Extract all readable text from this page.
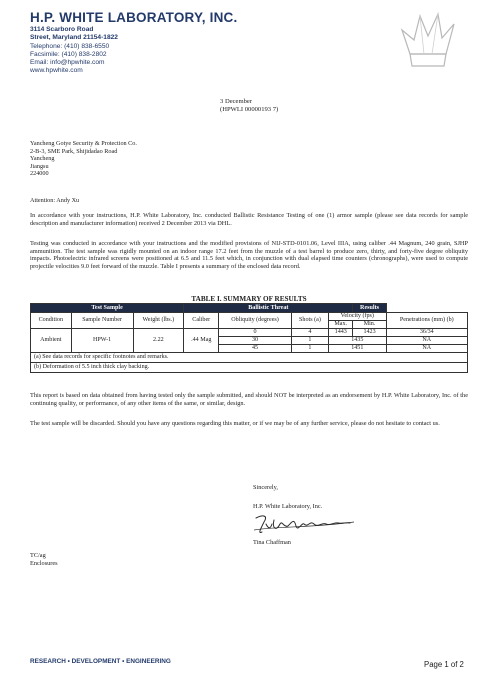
H.P. WHITE LABORATORY, INC.
3114 Scarboro Road
Street, Maryland 21154-1822
Telephone: (410) 838-6550
Facsimile: (410) 838-2802
Email: info@hpwhite.com
www.hpwhite.com
3 December
(HPWLI 00000193 7)
Yancheng Gotye Security & Protection Co.
2-B-3, SME Park, Shijidadao Road
Yancheng
Jiangsu
224000
Attention: Andy Xu
In accordance with your instructions, H.P. White Laboratory, Inc. conducted Ballistic Resistance Testing of one (1) armor sample (please see data records for sample description and manufacturer information) received 2 December 2013 via DHL.
Testing was conducted in accordance with your instructions and the modified provisions of NIJ-STD-0101.06, Level IIIA, using caliber .44 Magnum, 240 grain, SJHP ammunition. The test sample was rigidly mounted on an indoor range 17.2 feet from the muzzle of a test barrel to produce zero, thirty, and forty-five degree obliquity impacts. Photoelectric infrared screens were positioned at 6.5 and 11.5 feet which, in conjunction with dual elapsed time counters (chronographs), were used to compute projectile velocities 9.0 feet forward of the muzzle. Table I presents a summary of the enclosed data record.
TABLE I. SUMMARY OF RESULTS
Test Sample			Ballistic Threat				Results	
Condition	Sample Number	Weight (lbs.)	Caliber	Obliquity (degrees)	Shots (a)	Velocity (fps)		Penetrations (mm) (b)
						Max.	Min.	
Ambient	HPW-1	2.22	.44 Mag	0	4	1443	1423	36/34
				30	1	1435		NA
				45	1	1451		NA
(a) See data records for specific footnotes and remarks.								
(b) Deformation of 5.5 inch thick clay backing.								
This report is based on data obtained from having tested only the sample submitted, and should NOT be interpreted as an endorsement by H.P. White Laboratory, Inc. of the continuing quality, or performance, of any other items of the same, or similar, design.
The test sample will be discarded. Should you have any questions regarding this matter, or if we may be of any further service, please do not hesitate to contact us.
Sincerely,
H.P. White Laboratory, Inc.
Tina Chaffman
TC/ag
Enclosures
RESEARCH • DEVELOPMENT • ENGINEERING	Page 1 of 2
